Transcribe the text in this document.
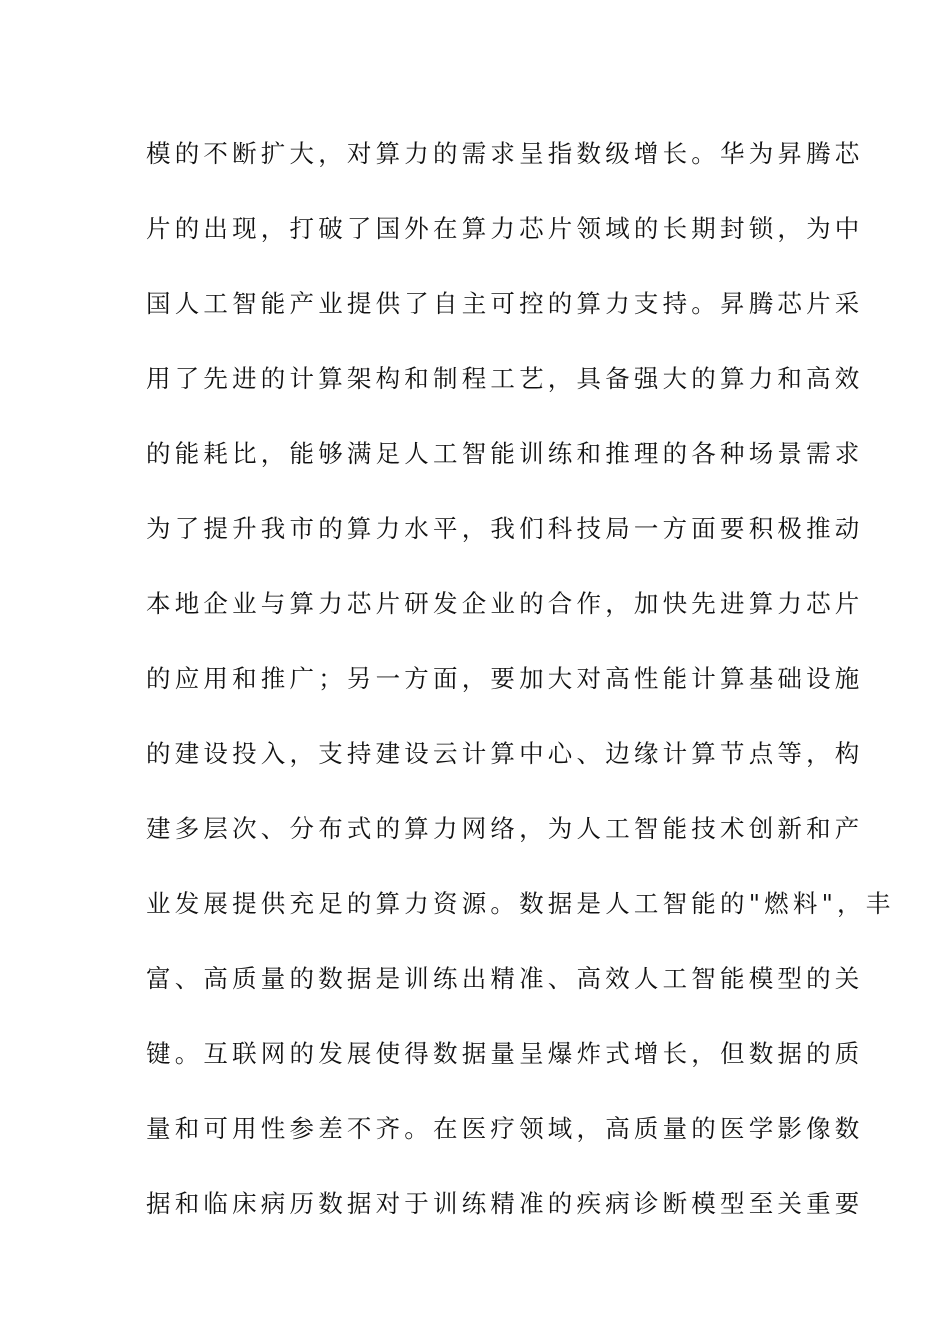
模的不断扩大，对算力的需求呈指数级增长。华为昇腾芯
片的出现，打破了国外在算力芯片领域的长期封锁，为中
国人工智能产业提供了自主可控的算力支持。昇腾芯片采
用了先进的计算架构和制程工艺，具备强大的算力和高效
的能耗比，能够满足人工智能训练和推理的各种场景需求
为了提升我市的算力水平，我们科技局一方面要积极推动
本地企业与算力芯片研发企业的合作，加快先进算力芯片
的应用和推广；另一方面，要加大对高性能计算基础设施
的建设投入，支持建设云计算中心、边缘计算节点等，构
建多层次、分布式的算力网络，为人工智能技术创新和产
业发展提供充足的算力资源。数据是人工智能的"燃料"，丰
富、高质量的数据是训练出精准、高效人工智能模型的关
键。互联网的发展使得数据量呈爆炸式增长，但数据的质
量和可用性参差不齐。在医疗领域，高质量的医学影像数
据和临床病历数据对于训练精准的疾病诊断模型至关重要
